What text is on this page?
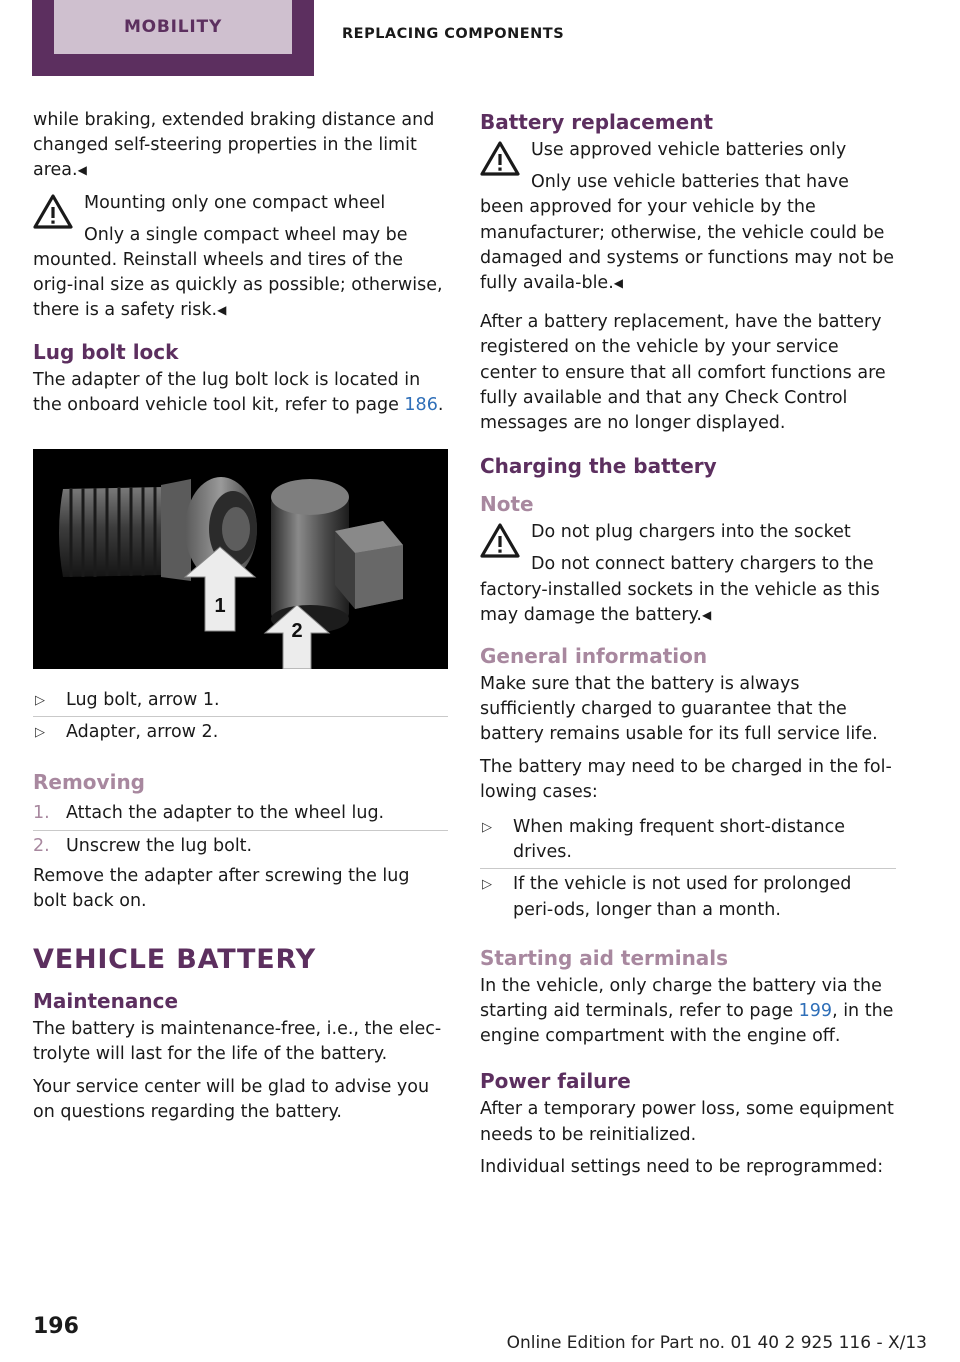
MOBILITY	REPLACING COMPONENTS

while braking, extended braking distance and changed self-steering properties in the limit area.◀

Mounting only one compact wheel

Only a single compact wheel may be mounted. Reinstall wheels and tires of the orig‐inal size as quickly as possible; otherwise, there is a safety risk.◀

Lug bolt lock

The adapter of the lug bolt lock is located in the onboard vehicle tool kit, refer to page 186.

1
2
▷ Lug bolt, arrow 1.
▷ Adapter, arrow 2.
Removing
1. Attach the adapter to the wheel lug.
2. Unscrew the lug bolt.

Remove the adapter after screwing the lug bolt back on.

VEHICLE BATTERY
Maintenance

The battery is maintenance-free, i.e., the elec‐trolyte will last for the life of the battery.

Your service center will be glad to advise you on questions regarding the battery.

Battery replacement

Use approved vehicle batteries only

Only use vehicle batteries that have been approved for your vehicle by the manufacturer; otherwise, the vehicle could be damaged and systems or functions may not be fully availa‐ble.◀

After a battery replacement, have the battery registered on the vehicle by your service center to ensure that all comfort functions are fully available and that any Check Control messages are no longer displayed.

Charging the battery
Note

Do not plug chargers into the socket

Do not connect battery chargers to the factory-installed sockets in the vehicle as this may damage the battery.◀

General information

Make sure that the battery is always sufficiently charged to guarantee that the battery remains usable for its full service life.

The battery may need to be charged in the fol‐lowing cases:

▷ When making frequent short-distance drives.
▷ If the vehicle is not used for prolonged peri‐ods, longer than a month.
Starting aid terminals

In the vehicle, only charge the battery via the starting aid terminals, refer to page 199, in the engine compartment with the engine off.

Power failure

After a temporary power loss, some equipment needs to be reinitialized.

Individual settings need to be reprogrammed:

196
Online Edition for Part no. 01 40 2 925 116 - X/13
